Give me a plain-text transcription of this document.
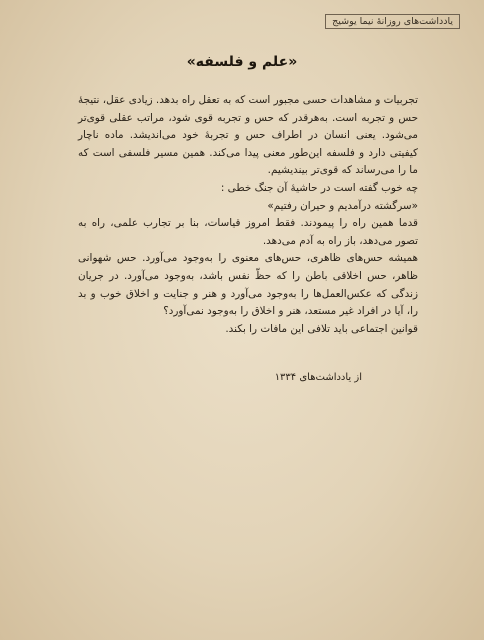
یادداشت‌های روزانهٔ نیما یوشیج
«علم و فلسفه»

تجربیات و مشاهدات حسی مجبور است که به تعقل راه بدهد. زیادی عقل، نتیجهٔ حس و تجربه است. به‌هرقدر که حس و تجربه قوی شود، مراتب عقلی قوی‌تر می‌شود. یعنی انسان در اطراف حس و تجربهٔ خود می‌اندیشد. ماده ناچار کیفیتی دارد و فلسفه این‌طور معنی پیدا می‌کند. همین مسیر فلسفی است که ما را می‌رساند که قوی‌تر بیندیشیم.

چه خوب گفته است در حاشیهٔ آن جنگ خطی :

«سرگشته درآمدیم و حیران رفتیم»

قدما همین راه را پیمودند. فقط امروز قیاسات، بنا بر تجارب علمی، راه به تصور می‌دهد، باز راه به آدم می‌دهد.

همیشه حس‌های ظاهری، حس‌های معنوی را به‌وجود می‌آورد. حس شهوانی ظاهر، حس اخلاقی باطن را که حظّ نفس باشد، به‌وجود می‌آورد. در جریان زندگی که عکس‌العمل‌ها را به‌وجود می‌آورد و هنر و جنایت و اخلاق خوب و بد را، آیا در افراد غیر مستعد، هنر و اخلاق را به‌وجود نمی‌آورد؟

قوانین اجتماعی باید تلافی این مافات را بکند.

از یادداشت‌های ۱۳۳۴
